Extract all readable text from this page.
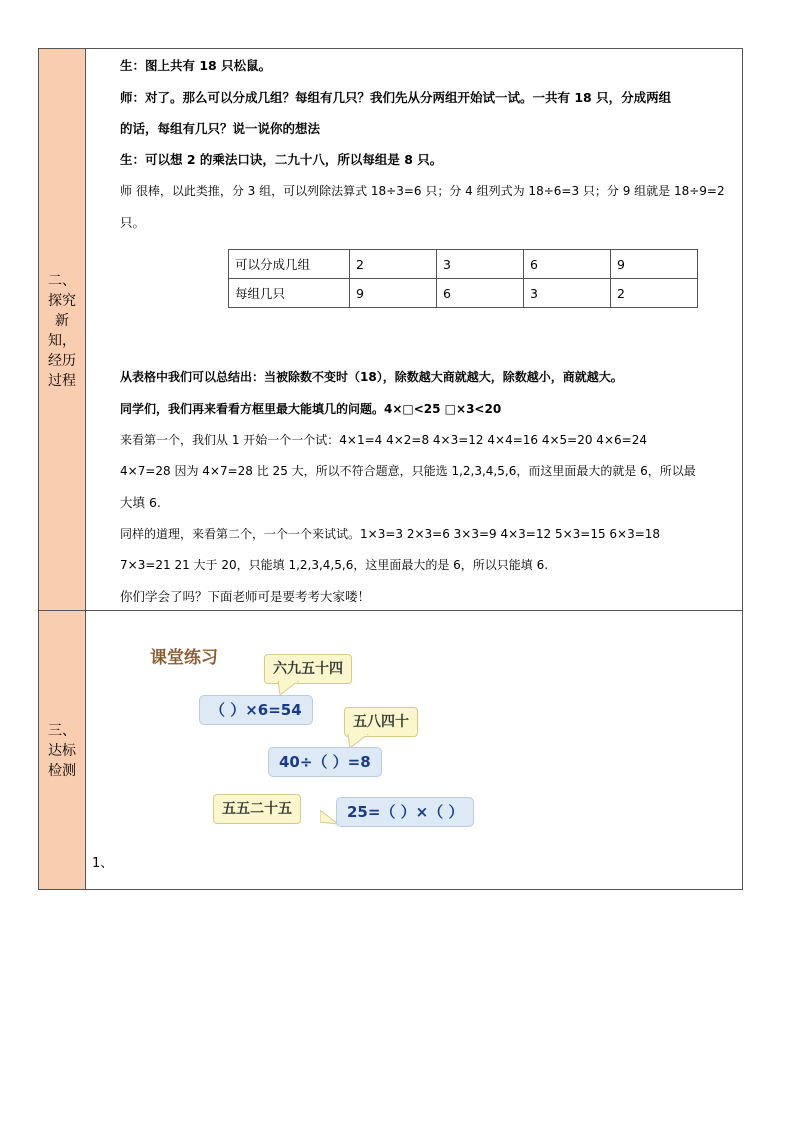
二、
探究
新
知，
经历
过程
三、
达标
检测
生：图上共有 18 只松鼠。
师：对了。那么可以分成几组？每组有几只？我们先从分两组开始试一试。一共有 18 只，分成两组
的话，每组有几只？说一说你的想法
生：可以想 2 的乘法口诀，二九十八，所以每组是 8 只。
师 很棒，以此类推，分 3 组，可以列除法算式 18÷3=6 只；分 4 组列式为 18÷6=3 只；分 9 组就是 18÷9=2
只。
可以分成几组	2	3	6	9
每组几只	9	6	3	2
从表格中我们可以总结出：当被除数不变时（18），除数越大商就越大，除数越小，商就越大。
同学们，我们再来看看方框里最大能填几的问题。4×□<25 □×3<20
来看第一个，我们从 1 开始一个一个试：4×1=4 4×2=8 4×3=12 4×4=16 4×5=20 4×6=24
4×7=28 因为 4×7=28 比 25 大，所以不符合题意，只能选 1,2,3,4,5,6，而这里面最大的就是 6，所以最
大填 6.
同样的道理，来看第二个，一个一个来试试。1×3=3 2×3=6 3×3=9 4×3=12 5×3=15 6×3=18
7×3=21 21 大于 20，只能填 1,2,3,4,5,6，这里面最大的是 6，所以只能填 6.
你们学会了吗？下面老师可是要考考大家喽！
课堂练习
六九五十四
（ ）×6=54
五八四十
40÷（ ）=8
五五二十五	25=（ ）×（ ）
1、
